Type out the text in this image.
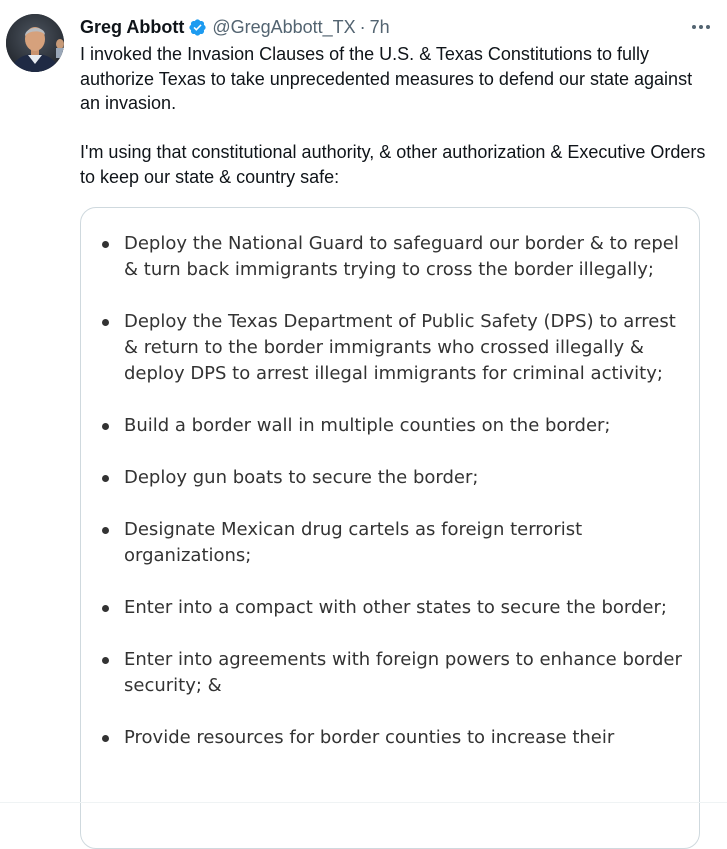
Greg Abbott @GregAbbott_TX · 7h

I invoked the Invasion Clauses of the U.S. & Texas Constitutions to fully authorize Texas to take unprecedented measures to defend our state against an invasion.

I'm using that constitutional authority, & other authorization & Executive Orders to keep our state & country safe:

Deploy the National Guard to safeguard our border & to repel & turn back immigrants trying to cross the border illegally;
Deploy the Texas Department of Public Safety (DPS) to arrest & return to the border immigrants who crossed illegally & deploy DPS to arrest illegal immigrants for criminal activity;
Build a border wall in multiple counties on the border;
Deploy gun boats to secure the border;
Designate Mexican drug cartels as foreign terrorist organizations;
Enter into a compact with other states to secure the border;
Enter into agreements with foreign powers to enhance border security; &
Provide resources for border counties to increase their
